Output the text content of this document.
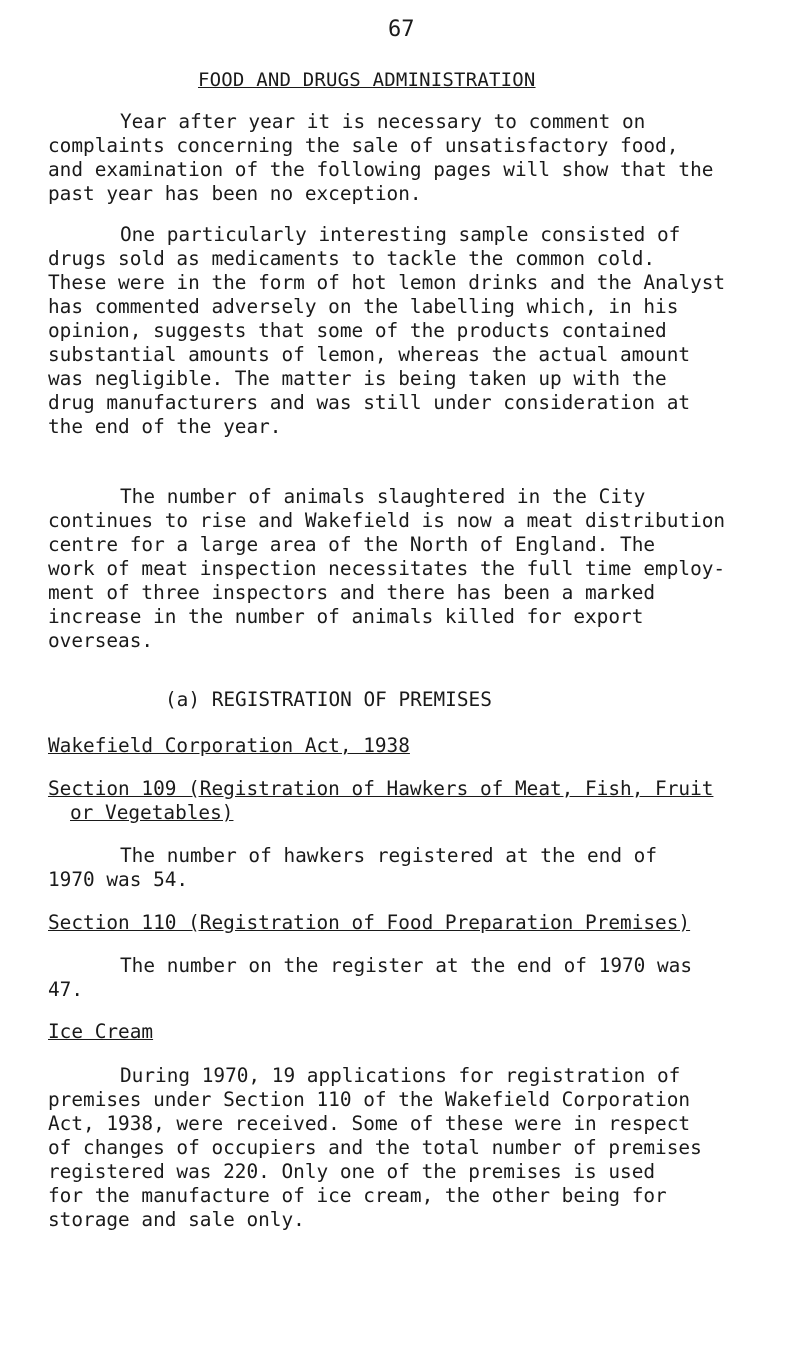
67
FOOD AND DRUGS ADMINISTRATION
Year after year it is necessary to comment on
complaints concerning the sale of unsatisfactory food,
and examination of the following pages will show that the
past year has been no exception.
One particularly interesting sample consisted of
drugs sold as medicaments to tackle the common cold.
These were in the form of hot lemon drinks and the Analyst
has commented adversely on the labelling which, in his
opinion, suggests that some of the products contained
substantial amounts of lemon, whereas the actual amount
was negligible. The matter is being taken up with the
drug manufacturers and was still under consideration at
the end of the year.
The number of animals slaughtered in the City
continues to rise and Wakefield is now a meat distribution
centre for a large area of the North of England. The
work of meat inspection necessitates the full time employ-
ment of three inspectors and there has been a marked
increase in the number of animals killed for export
overseas.
(a) REGISTRATION OF PREMISES
Wakefield Corporation Act, 1938
Section 109 (Registration of Hawkers of Meat, Fish, Fruit
or Vegetables)
The number of hawkers registered at the end of
1970 was 54.
Section 110 (Registration of Food Preparation Premises)
The number on the register at the end of 1970 was
47.
Ice Cream
During 1970, 19 applications for registration of
premises under Section 110 of the Wakefield Corporation
Act, 1938, were received. Some of these were in respect
of changes of occupiers and the total number of premises
registered was 220. Only one of the premises is used
for the manufacture of ice cream, the other being for
storage and sale only.
